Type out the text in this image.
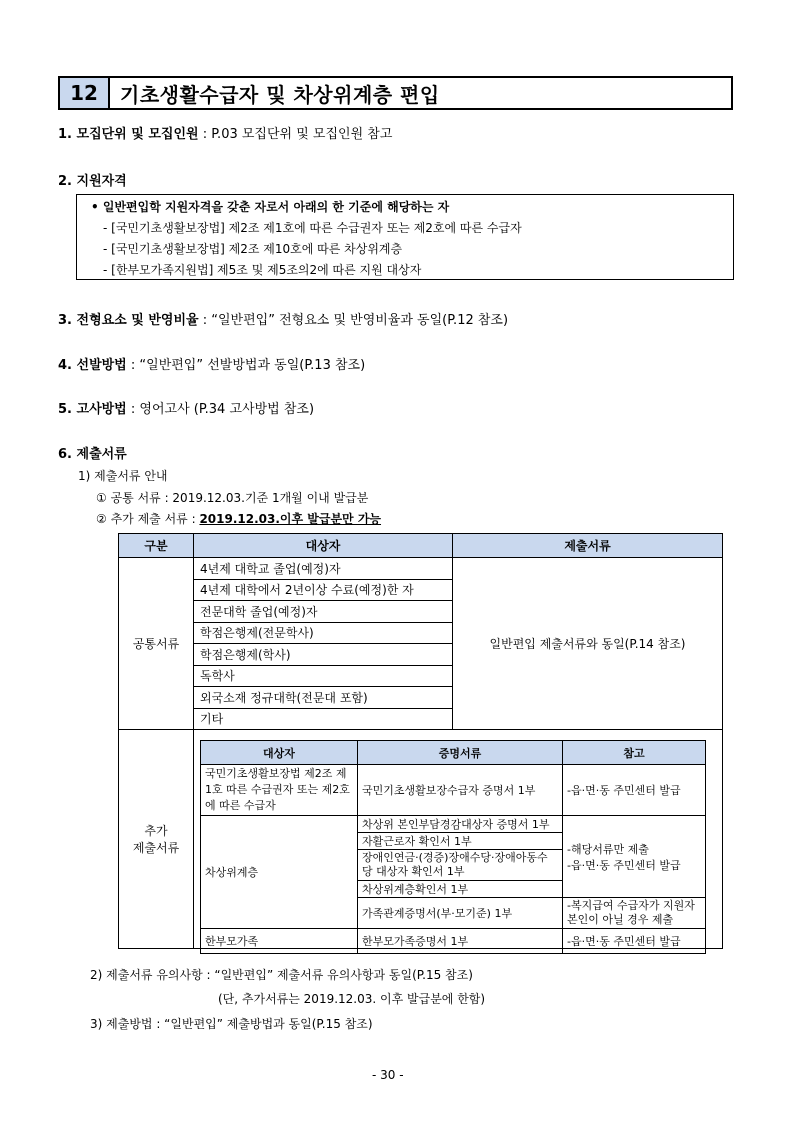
12	기초생활수급자 및 차상위계층 편입
1. 모집단위 및 모집인원 : P.03 모집단위 및 모집인원 참고
2. 지원자격
• 일반편입학 지원자격을 갖춘 자로서 아래의 한 기준에 해당하는 자
- [국민기초생활보장법] 제2조 제1호에 따른 수급권자 또는 제2호에 따른 수급자
- [국민기초생활보장법] 제2조 제10호에 따른 차상위계층
- [한부모가족지원법] 제5조 및 제5조의2에 따른 지원 대상자
3. 전형요소 및 반영비율 : “일반편입” 전형요소 및 반영비율과 동일(P.12 참조)
4. 선발방법 : “일반편입” 선발방법과 동일(P.13 참조)
5. 고사방법 : 영어고사 (P.34 고사방법 참조)
6. 제출서류
1) 제출서류 안내
① 공통 서류 : 2019.12.03.기준 1개월 이내 발급분
② 추가 제출 서류 : 2019.12.03.이후 발급분만 가능
구분	대상자	제출서류
공통서류	4년제 대학교 졸업(예정)자	일반편입 제출서류와 동일(P.14 참조)
	4년제 대학에서 2년이상 수료(예정)한 자	
	전문대학 졸업(예정)자	
	학점은행제(전문학사)	
	학점은행제(학사)	
	독학사	
	외국소재 정규대학(전문대 포함)	
	기타	

추가
제출서류		

대상자	증명서류	참고
국민기초생활보장법 제2조 제1호 따른 수급권자 또는 제2호에 따른 수급자	국민기초생활보장수급자 증명서 1부	-읍·면·동 주민센터 발급
차상위계층	차상위 본인부담경감대상자 증명서 1부	-해당서류만 제출
-읍·면·동 주민센터 발급

	자활근로자 확인서 1부	
	장애인연금·(경증)장애수당·장애아동수당 대상자 확인서 1부	
	차상위계층확인서 1부	
	가족관계증명서(부·모기준) 1부	-복지급여 수급자가 지원자 본인이 아닐 경우 제출
한부모가족	한부모가족증명서 1부	-읍·면·동 주민센터 발급
2) 제출서류 유의사항 : “일반편입” 제출서류 유의사항과 동일(P.15 참조)
(단, 추가서류는 2019.12.03. 이후 발급분에 한함)
3) 제출방법 : “일반편입” 제출방법과 동일(P.15 참조)
- 30 -
